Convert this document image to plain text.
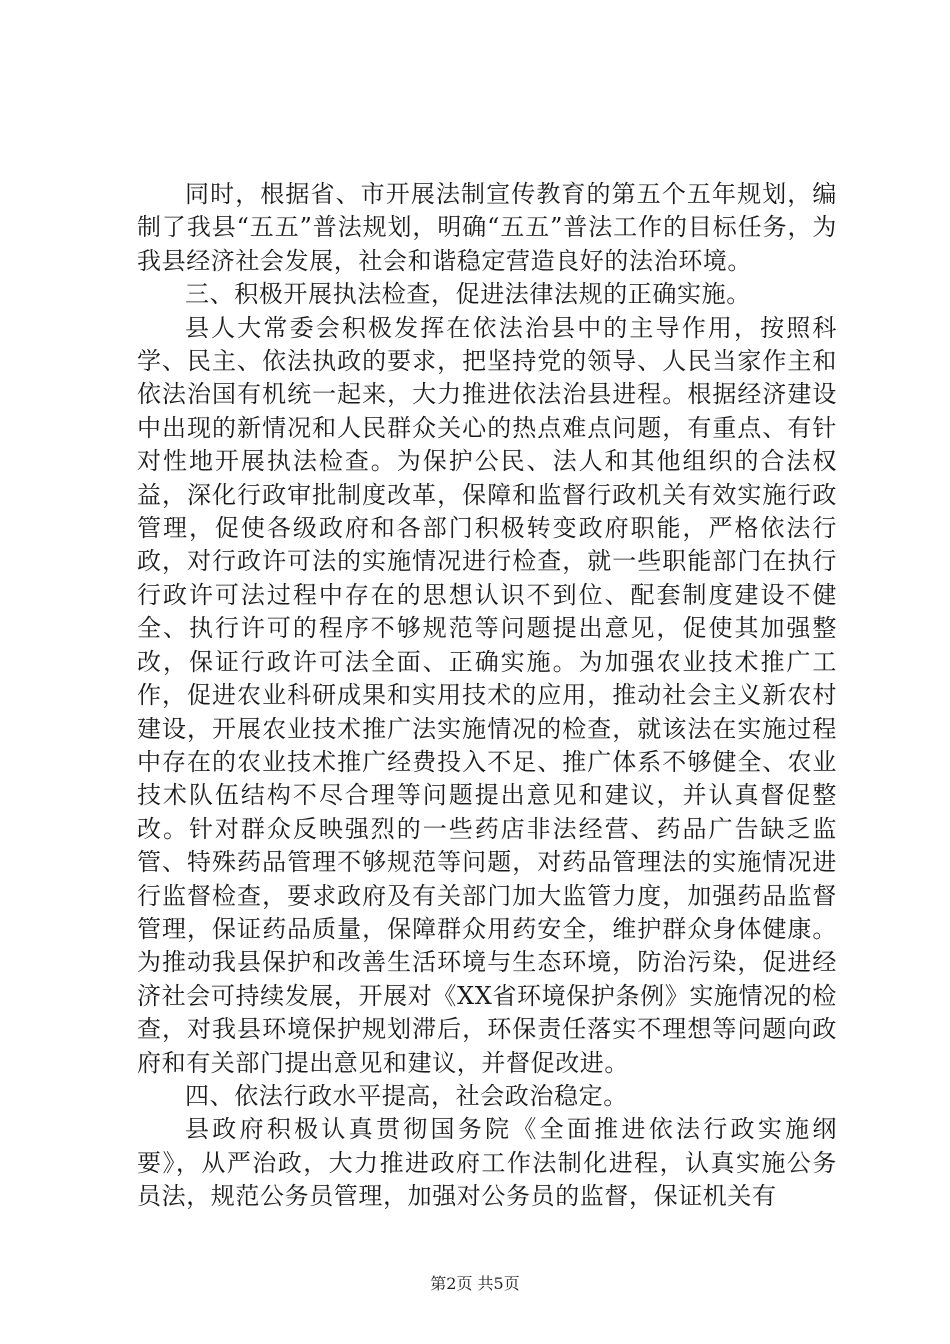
同时，根据省、市开展法制宣传教育的第五个五年规划，编制了我县“五五”普法规划，明确“五五”普法工作的目标任务，为我县经济社会发展，社会和谐稳定营造良好的法治环境。

三、积极开展执法检查，促进法律法规的正确实施。

县人大常委会积极发挥在依法治县中的主导作用，按照科学、民主、依法执政的要求，把坚持党的领导、人民当家作主和依法治国有机统一起来，大力推进依法治县进程。根据经济建设中出现的新情况和人民群众关心的热点难点问题，有重点、有针对性地开展执法检查。为保护公民、法人和其他组织的合法权益，深化行政审批制度改革，保障和监督行政机关有效实施行政管理，促使各级政府和各部门积极转变政府职能，严格依法行政，对行政许可法的实施情况进行检查，就一些职能部门在执行行政许可法过程中存在的思想认识不到位、配套制度建设不健全、执行许可的程序不够规范等问题提出意见，促使其加强整改，保证行政许可法全面、正确实施。为加强农业技术推广工作，促进农业科研成果和实用技术的应用，推动社会主义新农村建设，开展农业技术推广法实施情况的检查，就该法在实施过程中存在的农业技术推广经费投入不足、推广体系不够健全、农业技术队伍结构不尽合理等问题提出意见和建议，并认真督促整改。针对群众反映强烈的一些药店非法经营、药品广告缺乏监管、特殊药品管理不够规范等问题，对药品管理法的实施情况进行监督检查，要求政府及有关部门加大监管力度，加强药品监督管理，保证药品质量，保障群众用药安全，维护群众身体健康。为推动我县保护和改善生活环境与生态环境，防治污染，促进经济社会可持续发展，开展对《XX省环境保护条例》实施情况的检查，对我县环境保护规划滞后，环保责任落实不理想等问题向政府和有关部门提出意见和建议，并督促改进。

四、依法行政水平提高，社会政治稳定。

县政府积极认真贯彻国务院《全面推进依法行政实施纲要》，从严治政，大力推进政府工作法制化进程，认真实施公务员法，规范公务员管理，加强对公务员的监督，保证机关有

第2页 共5页
